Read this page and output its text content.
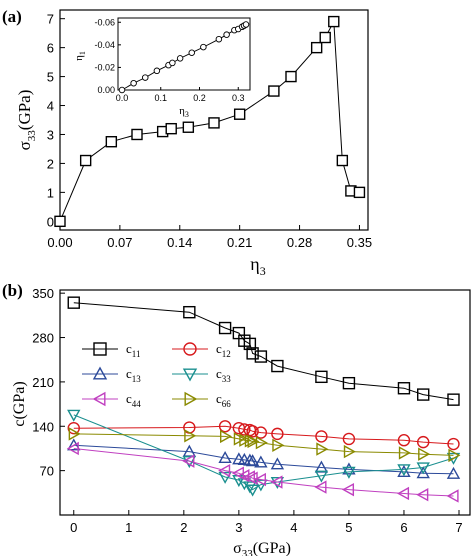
(a)
0.00	0.07	0.14	0.21	0.28	0.35
0
1
2
3
4
5
6
7
$\eta_3$
$\sigma_{33}(GPa)$	0.0	0.1	0.2	0.3
0.00
-0.02
-0.04
-0.06
$\eta_3$
$\eta_1$
(b)
0	1	2	3	4	5	6	7
70
140
210
280
350
$c_{11}$	$c_{12}$
$c_{13}$	$c_{33}$
$c_{44}$	$c_{66}$
$\sigma_{33}(GPa)$
c(GPa)
